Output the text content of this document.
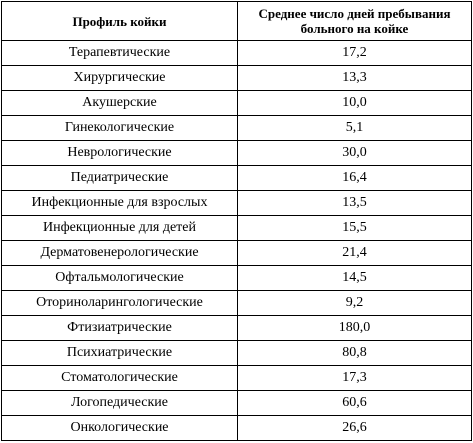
Профиль койки	Среднее число дней пребывания больного на койке
Терапевтические	17,2
Хирургические	13,3
Акушерские	10,0
Гинекологические	5,1
Неврологические	30,0
Педиатрические	16,4
Инфекционные для взрослых	13,5
Инфекционные для детей	15,5
Дерматовенерологические	21,4
Офтальмологические	14,5
Оториноларингологические	9,2
Фтизиатрические	180,0
Психиатрические	80,8
Стоматологические	17,3
Логопедические	60,6
Онкологические	26,6
